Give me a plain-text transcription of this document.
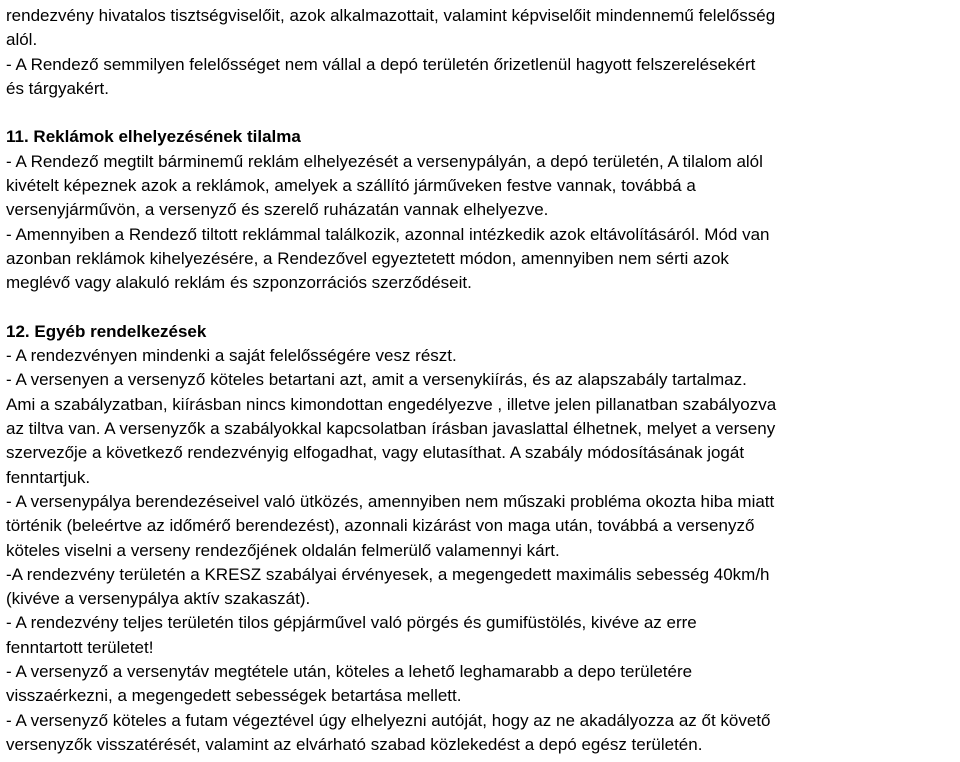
rendezvény hivatalos tisztségviselőit, azok alkalmazottait, valamint képviselőit mindennemű felelősség
alól.
- A Rendező semmilyen felelősséget nem vállal a depó területén őrizetlenül hagyott felszerelésekért
és tárgyakért.
11. Reklámok elhelyezésének tilalma
- A Rendező megtilt bárminemű reklám elhelyezését a versenypályán, a depó területén, A tilalom alól
kivételt képeznek azok a reklámok, amelyek a szállító járműveken festve vannak, továbbá a
versenyjárművön, a versenyző és szerelő ruházatán vannak elhelyezve.
- Amennyiben a Rendező tiltott reklámmal találkozik, azonnal intézkedik azok eltávolításáról. Mód van
azonban reklámok kihelyezésére, a Rendezővel egyeztetett módon, amennyiben nem sérti azok
meglévő vagy alakuló reklám és szponzorrációs szerződéseit.
12. Egyéb rendelkezések
- A rendezvényen mindenki a saját felelősségére vesz részt.
- A versenyen a versenyző köteles betartani azt, amit a versenykiírás, és az alapszabály tartalmaz.
Ami a szabályzatban, kiírásban nincs kimondottan engedélyezve , illetve jelen pillanatban szabályozva
az tiltva van. A versenyzők a szabályokkal kapcsolatban írásban javaslattal élhetnek, melyet a verseny
szervezője a következő rendezvényig elfogadhat, vagy elutasíthat. A szabály módosításának jogát
fenntartjuk.
- A versenypálya berendezéseivel való ütközés, amennyiben nem műszaki probléma okozta hiba miatt
történik (beleértve az időmérő berendezést), azonnali kizárást von maga után, továbbá a versenyző
köteles viselni a verseny rendezőjének oldalán felmerülő valamennyi kárt.
-A rendezvény területén a KRESZ szabályai érvényesek, a megengedett maximális sebesség 40km/h
(kivéve a versenypálya aktív szakaszát).
- A rendezvény teljes területén tilos gépjárművel való pörgés és gumifüstölés, kivéve az erre
fenntartott területet!
- A versenyző a versenytáv megtétele után, köteles a lehető leghamarabb a depo területére
visszaérkezni, a megengedett sebességek betartása mellett.
- A versenyző köteles a futam végeztével úgy elhelyezni autóját, hogy az ne akadályozza az őt követő
versenyzők visszatérését, valamint az elvárható szabad közlekedést a depó egész területén.
